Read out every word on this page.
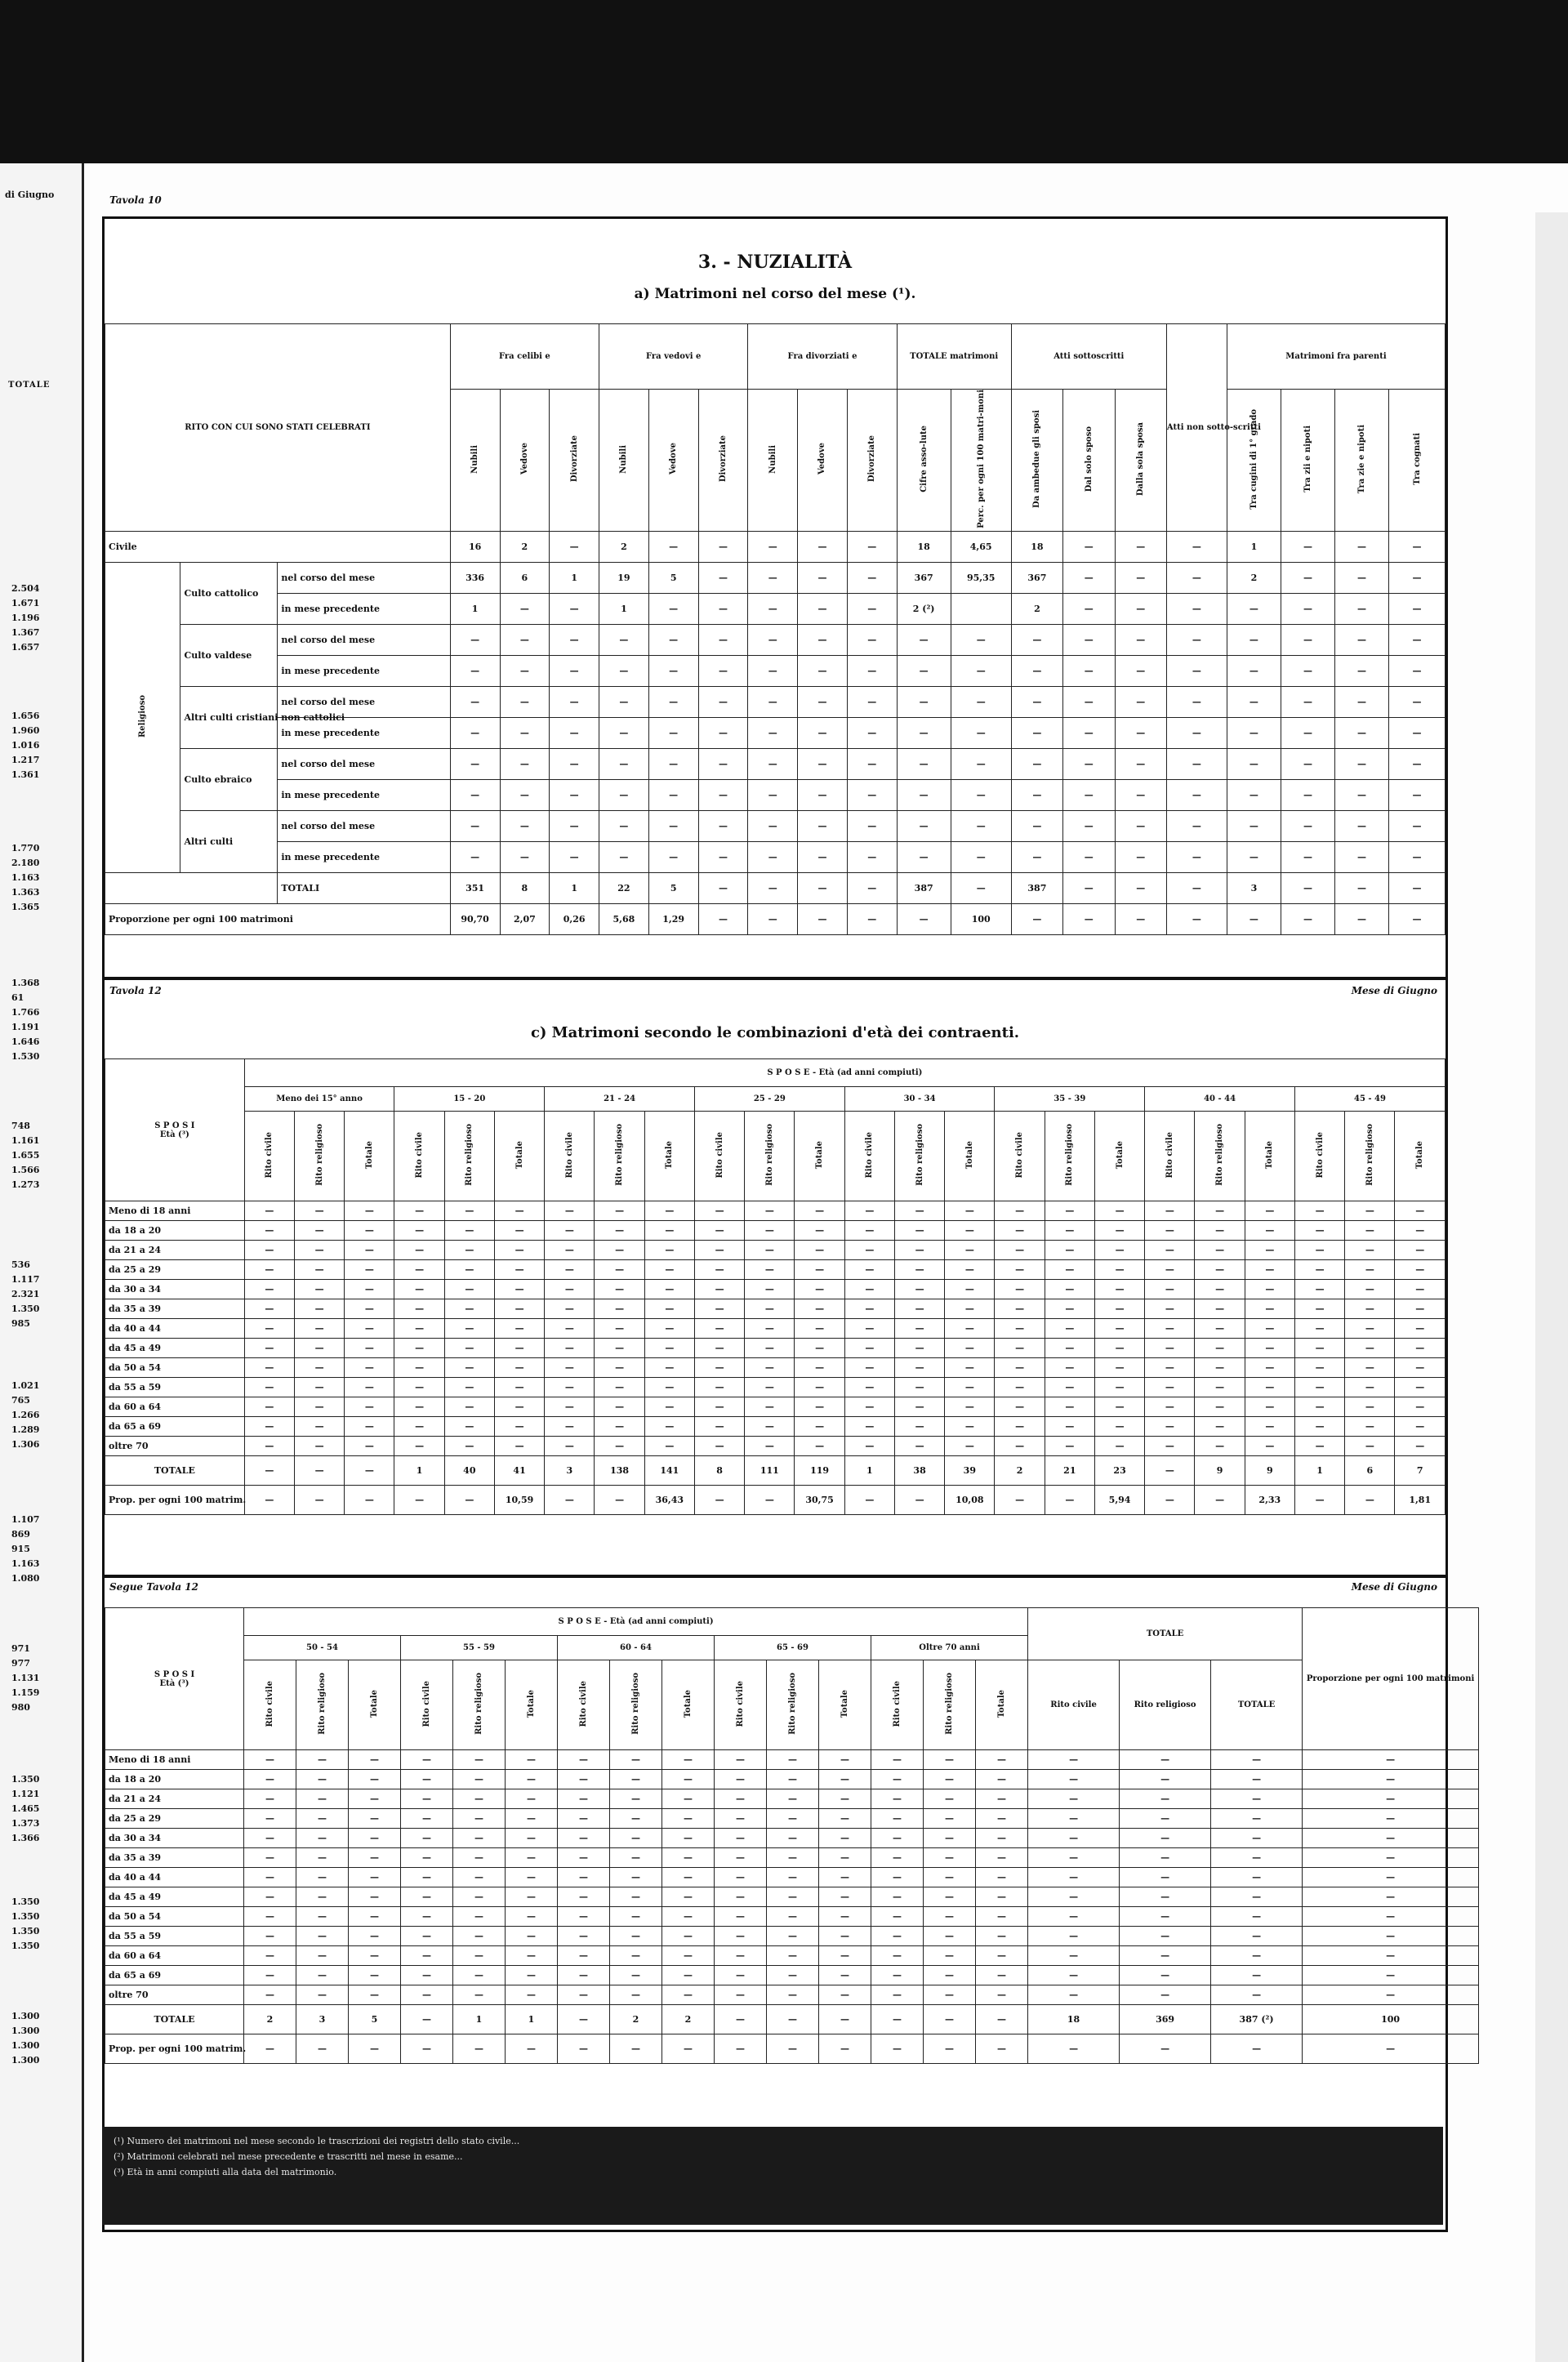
di Giugno
TOTALE
2.504
1.671
1.196
1.367
1.657
1.656
1.960
1.016
1.217
1.361
1.770
2.180
1.163
1.363
1.365
1.368
61
1.766
1.191
1.646
1.530
748
1.161
1.655
1.566
1.273
536
1.117
2.321
1.350
985
1.021
765
1.266
1.289
1.306
1.107
869
915
1.163
1.080
971
977
1.131
1.159
980
1.350
1.121
1.465
1.373
1.366
1.350
1.350
1.350
1.350
1.300
1.300
1.300
1.300
Tavola 10
3. - NUZIALITÀ
a) Matrimoni nel corso del mese (¹).
RITO CON CUI SONO STATI CELEBRATI			Fra celibi e			Fra vedovi e			Fra divorziati e			TOTALE matrimoni		Atti sottoscritti			Atti non sotto-scritti	Matrimoni fra parenti			
			Nubili	Vedove	Divorziate	Nubili	Vedove	Divorziate	Nubili	Vedove	Divorziate	Cifre asso-lute	Perc. per ogni 100 matri-moni	Da ambedue gli sposi	Dal solo sposo	Dalla sola sposa		Tra cugini di 1° grado	Tra zii e nipoti	Tra zie e nipoti	Tra cognati
Civile			16	2	—	2	—	—	—	—	—	18	4,65	18	—	—	—	1	—	—	—
Religioso	Culto cattolico	nel corso del mese	336	6	1	19	5	—	—	—	—	367	95,35	367	—	—	—	2	—	—	—
		in mese precedente	1	—	—	1	—	—	—	—	—	2 (²)		2	—	—	—	—	—	—	—
	Culto valdese	nel corso del mese	—	—	—	—	—	—	—	—	—	—	—	—	—	—	—	—	—	—	—
		in mese precedente	—	—	—	—	—	—	—	—	—	—	—	—	—	—	—	—	—	—	—
	Altri culti cristiani non cattolici	nel corso del mese	—	—	—	—	—	—	—	—	—	—	—	—	—	—	—	—	—	—	—
		in mese precedente	—	—	—	—	—	—	—	—	—	—	—	—	—	—	—	—	—	—	—
	Culto ebraico	nel corso del mese	—	—	—	—	—	—	—	—	—	—	—	—	—	—	—	—	—	—	—
		in mese precedente	—	—	—	—	—	—	—	—	—	—	—	—	—	—	—	—	—	—	—
	Altri culti	nel corso del mese	—	—	—	—	—	—	—	—	—	—	—	—	—	—	—	—	—	—	—
		in mese precedente	—	—	—	—	—	—	—	—	—	—	—	—	—	—	—	—	—	—	—
		TOTALI	351	8	1	22	5	—	—	—	—	387	—	387	—	—	—	3	—	—	—
Proporzione per ogni 100 matrimoni			90,70	2,07	0,26	5,68	1,29	—	—	—	—	—	100	—	—	—	—	—	—	—	—
Tavola 12	Mese di Giugno
c) Matrimoni secondo le combinazioni d'età dei contraenti.
S P O S I
Età (³)	S P O S E - Età (ad anni compiuti)																							
	Meno dei 15° anno			15 - 20			21 - 24			25 - 29			30 - 34			35 - 39			40 - 44			45 - 49		
	Rito civile	Rito religioso	Totale	Rito civile	Rito religioso	Totale	Rito civile	Rito religioso	Totale	Rito civile	Rito religioso	Totale	Rito civile	Rito religioso	Totale	Rito civile	Rito religioso	Totale	Rito civile	Rito religioso	Totale	Rito civile	Rito religioso	Totale
Meno di 18 anni	—	—	—	—	—	—	—	—	—	—	—	—	—	—	—	—	—	—	—	—	—	—	—	—
da 18 a 20	—	—	—	—	—	—	—	—	—	—	—	—	—	—	—	—	—	—	—	—	—	—	—	—
da 21 a 24	—	—	—	—	—	—	—	—	—	—	—	—	—	—	—	—	—	—	—	—	—	—	—	—
da 25 a 29	—	—	—	—	—	—	—	—	—	—	—	—	—	—	—	—	—	—	—	—	—	—	—	—
da 30 a 34	—	—	—	—	—	—	—	—	—	—	—	—	—	—	—	—	—	—	—	—	—	—	—	—
da 35 a 39	—	—	—	—	—	—	—	—	—	—	—	—	—	—	—	—	—	—	—	—	—	—	—	—
da 40 a 44	—	—	—	—	—	—	—	—	—	—	—	—	—	—	—	—	—	—	—	—	—	—	—	—
da 45 a 49	—	—	—	—	—	—	—	—	—	—	—	—	—	—	—	—	—	—	—	—	—	—	—	—
da 50 a 54	—	—	—	—	—	—	—	—	—	—	—	—	—	—	—	—	—	—	—	—	—	—	—	—
da 55 a 59	—	—	—	—	—	—	—	—	—	—	—	—	—	—	—	—	—	—	—	—	—	—	—	—
da 60 a 64	—	—	—	—	—	—	—	—	—	—	—	—	—	—	—	—	—	—	—	—	—	—	—	—
da 65 a 69	—	—	—	—	—	—	—	—	—	—	—	—	—	—	—	—	—	—	—	—	—	—	—	—
oltre 70	—	—	—	—	—	—	—	—	—	—	—	—	—	—	—	—	—	—	—	—	—	—	—	—
TOTALE	—	—	—	1	40	41	3	138	141	8	111	119	1	38	39	2	21	23	—	9	9	1	6	7
Prop. per ogni 100 matrim.	—	—	—	—	—	10,59	—	—	36,43	—	—	30,75	—	—	10,08	—	—	5,94	—	—	2,33	—	—	1,81
Segue Tavola 12	Mese di Giugno
S P O S I
Età (³)	S P O S E - Età (ad anni compiuti)															TOTALE			Proporzione per ogni 100 matrimoni
	50 - 54			55 - 59			60 - 64			65 - 69			Oltre 70 anni						
	Rito civile	Rito religioso	Totale	Rito civile	Rito religioso	Totale	Rito civile	Rito religioso	Totale	Rito civile	Rito religioso	Totale	Rito civile	Rito religioso	Totale	Rito civile	Rito religioso	TOTALE	
Meno di 18 anni	—	—	—	—	—	—	—	—	—	—	—	—	—	—	—	—	—	—	—
da 18 a 20	—	—	—	—	—	—	—	—	—	—	—	—	—	—	—	—	—	—	—
da 21 a 24	—	—	—	—	—	—	—	—	—	—	—	—	—	—	—	—	—	—	—
da 25 a 29	—	—	—	—	—	—	—	—	—	—	—	—	—	—	—	—	—	—	—
da 30 a 34	—	—	—	—	—	—	—	—	—	—	—	—	—	—	—	—	—	—	—
da 35 a 39	—	—	—	—	—	—	—	—	—	—	—	—	—	—	—	—	—	—	—
da 40 a 44	—	—	—	—	—	—	—	—	—	—	—	—	—	—	—	—	—	—	—
da 45 a 49	—	—	—	—	—	—	—	—	—	—	—	—	—	—	—	—	—	—	—
da 50 a 54	—	—	—	—	—	—	—	—	—	—	—	—	—	—	—	—	—	—	—
da 55 a 59	—	—	—	—	—	—	—	—	—	—	—	—	—	—	—	—	—	—	—
da 60 a 64	—	—	—	—	—	—	—	—	—	—	—	—	—	—	—	—	—	—	—
da 65 a 69	—	—	—	—	—	—	—	—	—	—	—	—	—	—	—	—	—	—	—
oltre 70	—	—	—	—	—	—	—	—	—	—	—	—	—	—	—	—	—	—	—
TOTALE	2	3	5	—	1	1	—	2	2	—	—	—	—	—	—	18	369	387 (²)	100
Prop. per ogni 100 matrim.	—	—	—	—	—	—	—	—	—	—	—	—	—	—	—	—	—	—	—
(¹) Numero dei matrimoni nel mese secondo le trascrizioni dei registri dello stato civile...
(²) Matrimoni celebrati nel mese precedente e trascritti nel mese in esame...
(³) Età in anni compiuti alla data del matrimonio.
